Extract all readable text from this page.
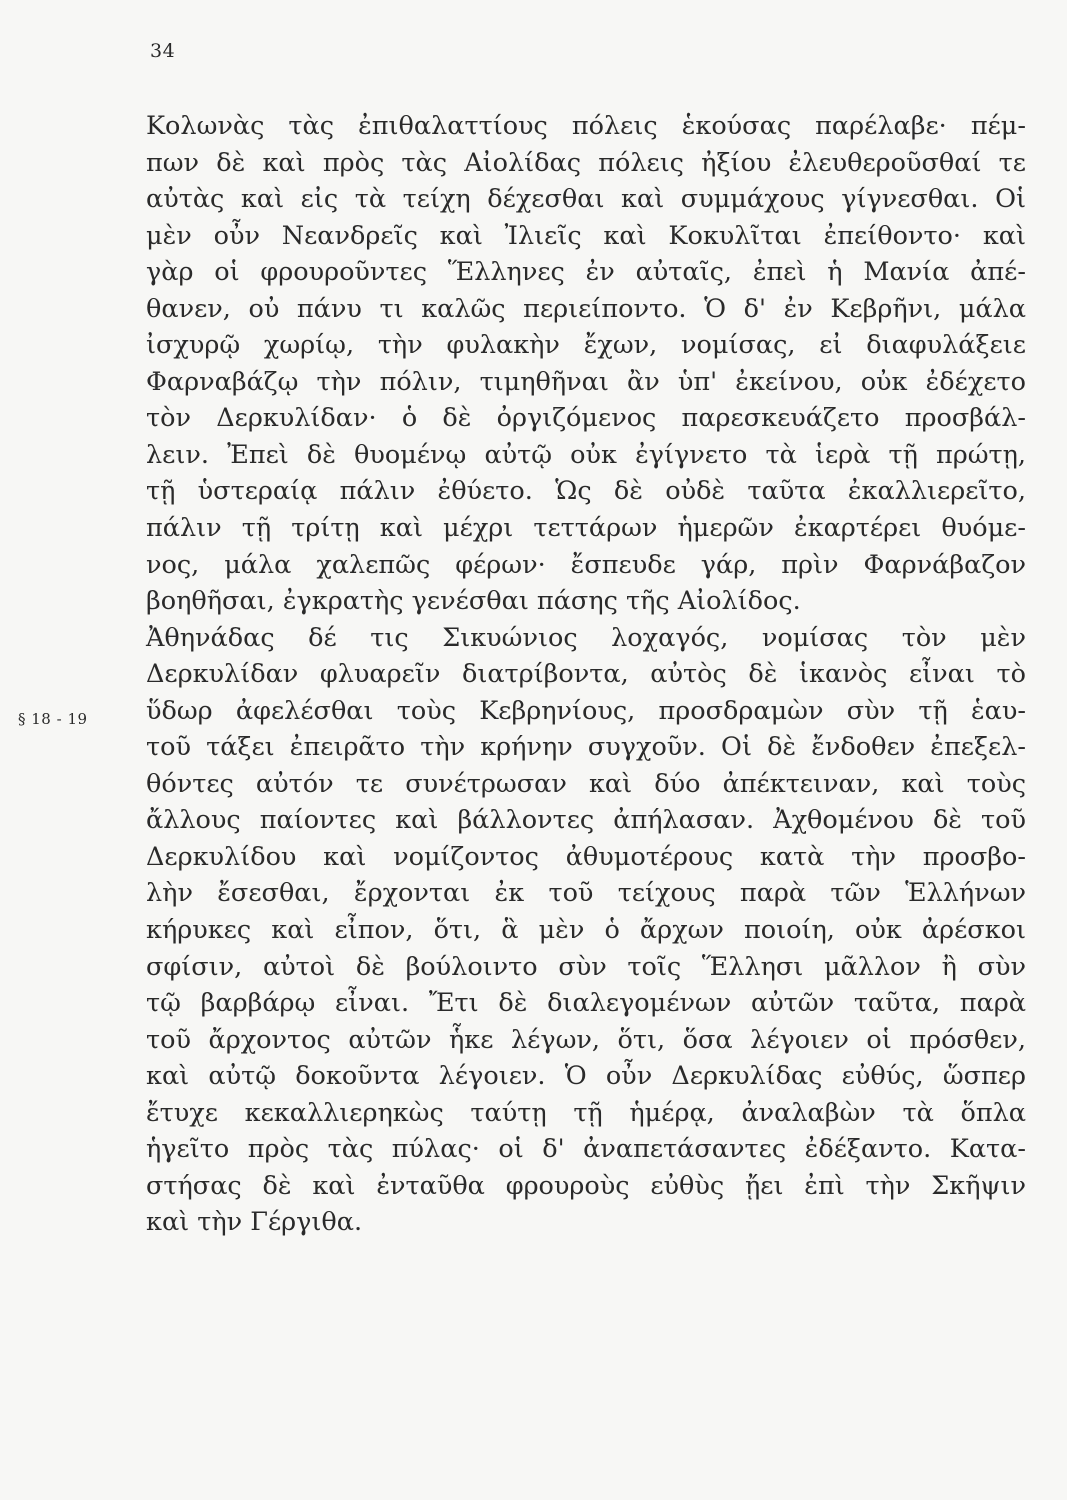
34
§ 18 - 19
Κολωνὰς τὰς ἐπιθαλαττίους πόλεις ἑκούσας παρέλαβε· πέμ-
πων δὲ καὶ πρὸς τὰς Αἰολίδας πόλεις ἠξίου ἐλευθεροῦσθαί τε
αὐτὰς καὶ εἰς τὰ τείχη δέχεσθαι καὶ συμμάχους γίγνεσθαι. Οἱ
μὲν οὖν Νεανδρεῖς καὶ Ἰλιεῖς καὶ Κοκυλῖται ἐπείθοντο· καὶ
γὰρ οἱ φρουροῦντες Ἕλληνες ἐν αὐταῖς, ἐπεὶ ἡ Μανία ἀπέ-
θανεν, οὐ πάνυ τι καλῶς περιείποντο. Ὁ δ' ἐν Κεβρῆνι, μάλα
ἰσχυρῷ χωρίῳ, τὴν φυλακὴν ἔχων, νομίσας, εἰ διαφυλάξειε
Φαρναβάζῳ τὴν πόλιν, τιμηθῆναι ἂν ὑπ' ἐκείνου, οὐκ ἐδέχετο
τὸν Δερκυλίδαν· ὁ δὲ ὀργιζόμενος παρεσκευάζετο προσβάλ-
λειν. Ἐπεὶ δὲ θυομένῳ αὐτῷ οὐκ ἐγίγνετο τὰ ἱερὰ τῇ πρώτῃ,
τῇ ὑστεραίᾳ πάλιν ἐθύετο. Ὡς δὲ οὐδὲ ταῦτα ἐκαλλιερεῖτο,
πάλιν τῇ τρίτῃ καὶ μέχρι τεττάρων ἡμερῶν ἐκαρτέρει θυόμε-
νος, μάλα χαλεπῶς φέρων· ἔσπευδε γάρ, πρὶν Φαρνάβαζον
βοηθῆσαι, ἐγκρατὴς γενέσθαι πάσης τῆς Αἰολίδος.
Ἀθηνάδας δέ τις Σικυώνιος λοχαγός, νομίσας τὸν μὲν
Δερκυλίδαν φλυαρεῖν διατρίβοντα, αὐτὸς δὲ ἱκανὸς εἶναι τὸ
ὕδωρ ἀφελέσθαι τοὺς Κεβρηνίους, προσδραμὼν σὺν τῇ ἑαυ-
τοῦ τάξει ἐπειρᾶτο τὴν κρήνην συγχοῦν. Οἱ δὲ ἔνδοθεν ἐπεξελ-
θόντες αὐτόν τε συνέτρωσαν καὶ δύο ἀπέκτειναν, καὶ τοὺς
ἄλλους παίοντες καὶ βάλλοντες ἀπήλασαν. Ἀχθομένου δὲ τοῦ
Δερκυλίδου καὶ νομίζοντος ἀθυμοτέρους κατὰ τὴν προσβο-
λὴν ἔσεσθαι, ἔρχονται ἐκ τοῦ τείχους παρὰ τῶν Ἑλλήνων
κήρυκες καὶ εἶπον, ὅτι, ἃ μὲν ὁ ἄρχων ποιοίη, οὐκ ἀρέσκοι
σφίσιν, αὐτοὶ δὲ βούλοιντο σὺν τοῖς Ἕλλησι μᾶλλον ἢ σὺν
τῷ βαρβάρῳ εἶναι. Ἔτι δὲ διαλεγομένων αὐτῶν ταῦτα, παρὰ
τοῦ ἄρχοντος αὐτῶν ἧκε λέγων, ὅτι, ὅσα λέγοιεν οἱ πρόσθεν,
καὶ αὐτῷ δοκοῦντα λέγοιεν. Ὁ οὖν Δερκυλίδας εὐθύς, ὥσπερ
ἔτυχε κεκαλλιερηκὼς ταύτῃ τῇ ἡμέρᾳ, ἀναλαβὼν τὰ ὅπλα
ἡγεῖτο πρὸς τὰς πύλας· οἱ δ' ἀναπετάσαντες ἐδέξαντο. Κατα-
στήσας δὲ καὶ ἐνταῦθα φρουροὺς εὐθὺς ᾔει ἐπὶ τὴν Σκῆψιν
καὶ τὴν Γέργιθα.
